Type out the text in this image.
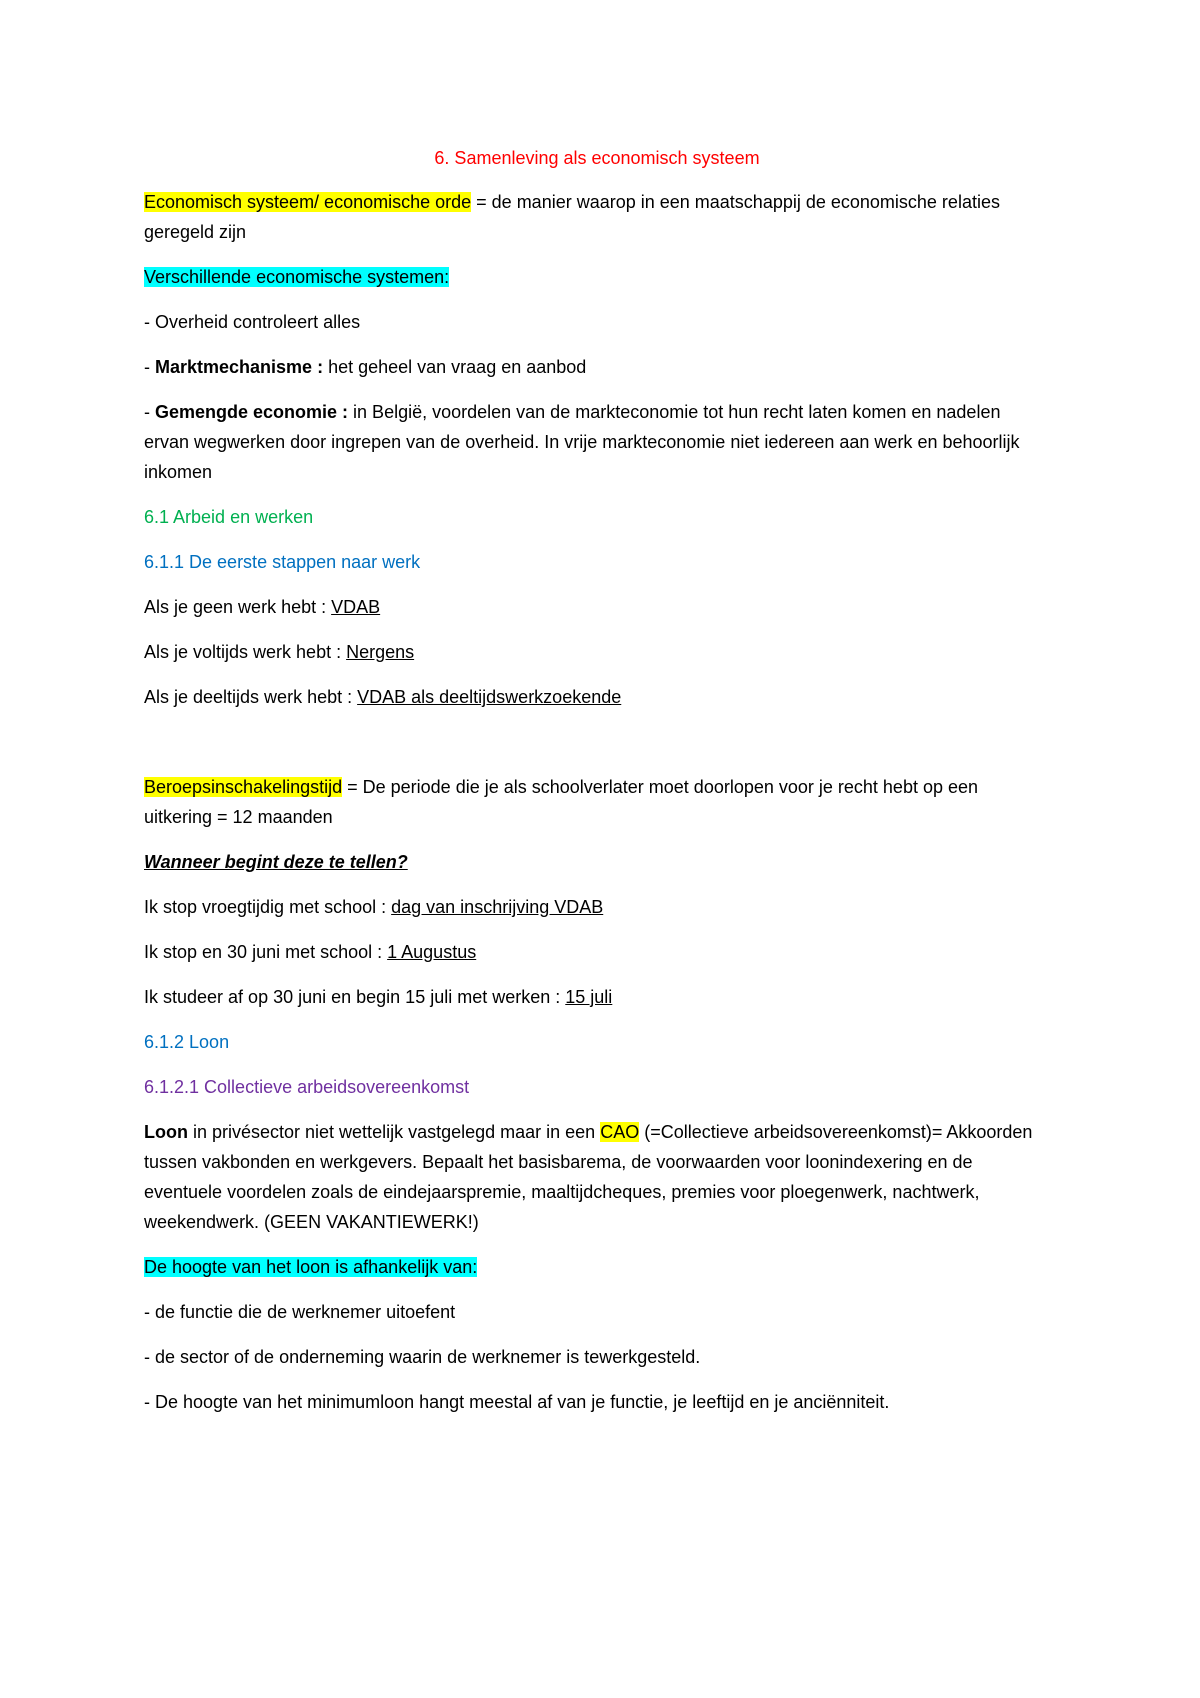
6. Samenleving als economisch systeem

Economisch systeem/ economische orde = de manier waarop in een maatschappij de economische relaties geregeld zijn

Verschillende economische systemen:

- Overheid controleert alles

- Marktmechanisme : het geheel van vraag en aanbod

- Gemengde economie : in België, voordelen van de markteconomie tot hun recht laten komen en nadelen ervan wegwerken door ingrepen van de overheid. In vrije markteconomie niet iedereen aan werk en behoorlijk inkomen

6.1 Arbeid en werken

6.1.1 De eerste stappen naar werk

Als je geen werk hebt : VDAB

Als je voltijds werk hebt : Nergens

Als je deeltijds werk hebt : VDAB als deeltijdswerkzoekende

Beroepsinschakelingstijd = De periode die je als schoolverlater moet doorlopen voor je recht hebt op een uitkering = 12 maanden

Wanneer begint deze te tellen?

Ik stop vroegtijdig met school : dag van inschrijving VDAB

Ik stop en 30 juni met school : 1 Augustus

Ik studeer af op 30 juni en begin 15 juli met werken : 15 juli

6.1.2 Loon

6.1.2.1 Collectieve arbeidsovereenkomst

Loon in privésector niet wettelijk vastgelegd maar in een CAO (=Collectieve arbeidsovereenkomst)= Akkoorden tussen vakbonden en werkgevers. Bepaalt het basisbarema, de voorwaarden voor loonindexering en de eventuele voordelen zoals de eindejaarspremie, maaltijdcheques, premies voor ploegenwerk, nachtwerk, weekendwerk. (GEEN VAKANTIEWERK!)

De hoogte van het loon is afhankelijk van:

- de functie die de werknemer uitoefent

- de sector of de onderneming waarin de werknemer is tewerkgesteld.

- De hoogte van het minimumloon hangt meestal af van je functie, je leeftijd en je anciënniteit.
